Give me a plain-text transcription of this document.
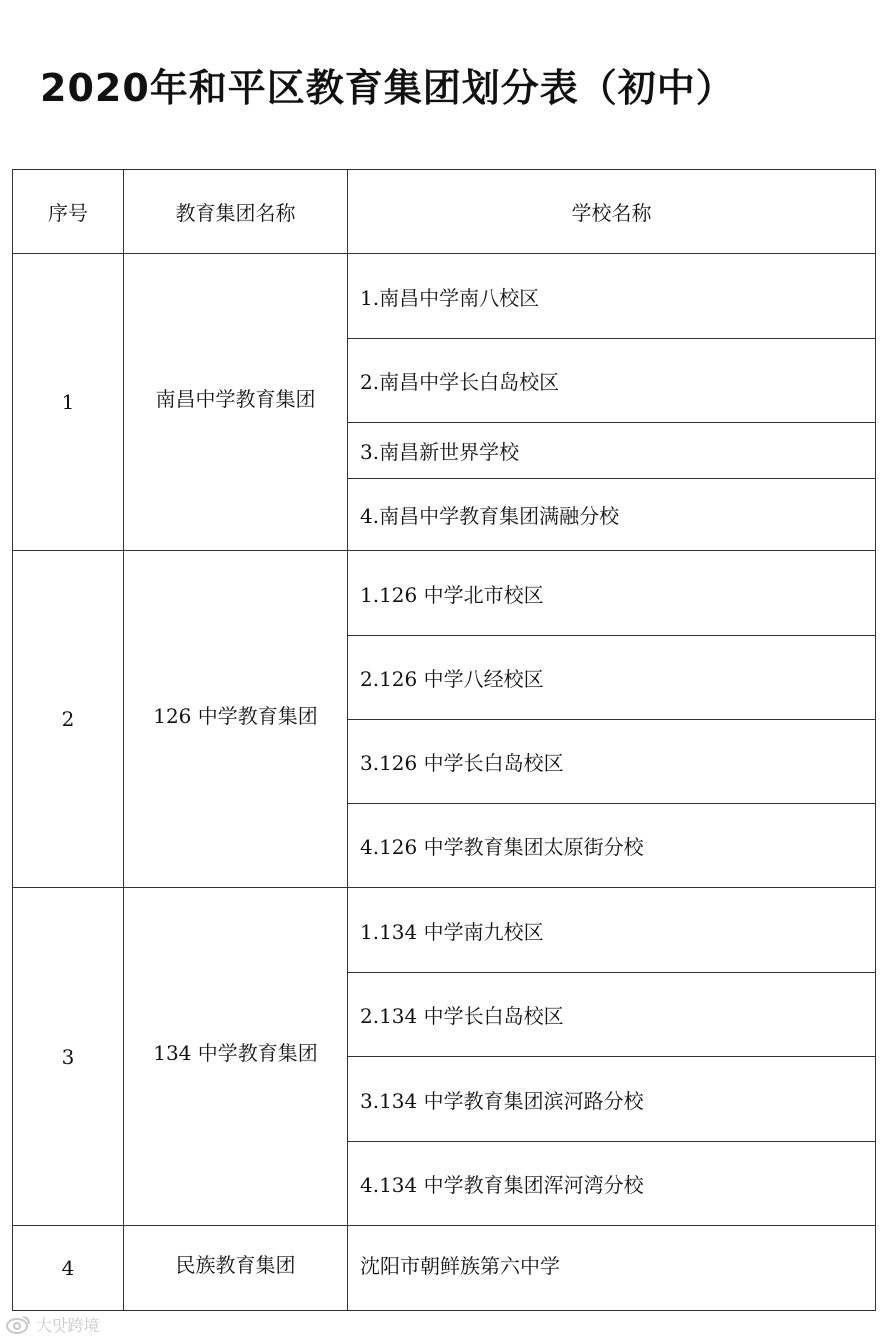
2020年和平区教育集团划分表（初中）
序号	教育集团名称	学校名称
1	南昌中学教育集团	1.南昌中学南八校区
		2.南昌中学长白岛校区
		3.南昌新世界学校
		4.南昌中学教育集团满融分校
2	126 中学教育集团	1.126 中学北市校区
		2.126 中学八经校区
		3.126 中学长白岛校区
		4.126 中学教育集团太原街分校
3	134 中学教育集团	1.134 中学南九校区
		2.134 中学长白岛校区
		3.134 中学教育集团滨河路分校
		4.134 中学教育集团浑河湾分校
4	民族教育集团	沈阳市朝鲜族第六中学
大맛跨境
